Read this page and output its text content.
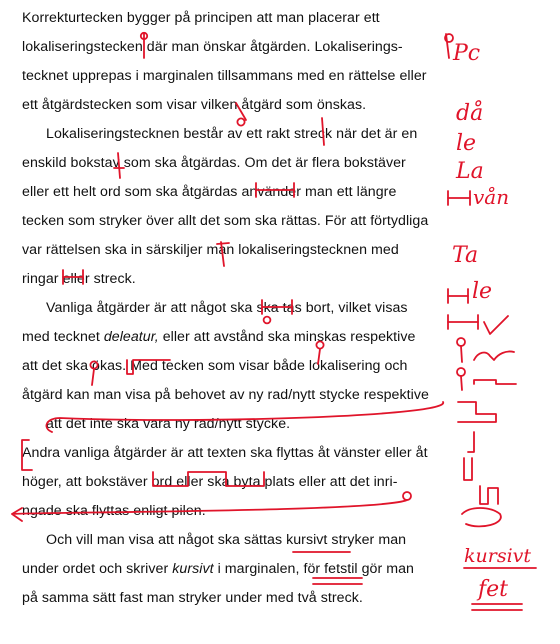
Korrekturtecken bygger på principen att man placerar ett
lokaliseringstecken där man önskar åtgärden. Lokaliserings-
tecknet upprepas i marginalen tillsammans med en rättelse eller
ett åtgärdstecken som visar vilken åtgärd som önskas.
Lokaliseringstecknen består av ett rakt streck när det är en
enskild bokstav som ska åtgärdas. Om det är flera bokstäver
eller ett helt ord som ska åtgärdas använder man ett längre
tecken som stryker över allt det som ska rättas. För att förtydliga
var rättelsen ska in särskiljer man lokaliseringstecknen med
ringar eller streck.
Vanliga åtgärder är att något ska ska tas bort, vilket visas
med tecknet deleatur, eller att avstånd ska minskas respektive
att det ska ökas. Med tecken som visar både lokalisering och
åtgärd kan man visa på behovet av ny rad/nytt stycke respektive
att det inte ska vara ny rad/nytt stycke.
Andra vanliga åtgärder är att texten ska flyttas åt vänster eller åt
höger, att bokstäver ord eller ska byta plats eller att det inri-
ngade ska flyttas enligt pilen.
Och vill man visa att något ska sättas kursivt stryker man
under ordet och skriver kursivt i marginalen, för fetstil gör man
på samma sätt fast man stryker under med två streck.
Pc
då
le
La
vån
Ta
le
kursivt
fet
